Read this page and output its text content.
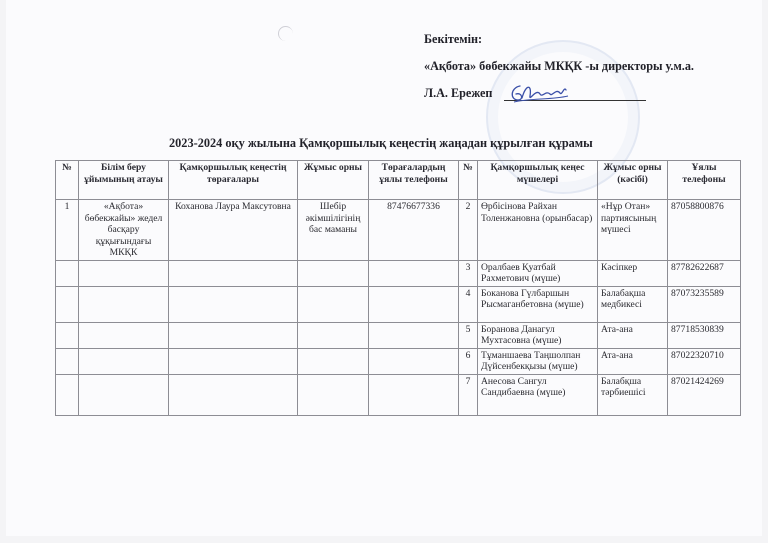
Бекітемін:
«Ақбота» бөбекжайы МКҚК -ы директоры у.м.а.
Л.А. Ережеп
2023-2024 оқу жылына Қамқоршылық кеңестің жаңадан құрылған құрамы
№	Білім беру ұйымының атауы	Қамқоршылық кеңестің төрағалары	Жұмыс орны	Төрағалардың ұялы телефоны	№	Қамқоршылық кеңес мүшелері	Жұмыс орны (кәсібі)	Ұялы телефоны
1	«Ақбота» бөбекжайы» жедел басқару құқығындағы МКҚК	Коханова Лаура Максутовна	Шебір әкімшілігінің бас маманы	87476677336	2	Өрбісінова Райхан Толенжановна (орынбасар)	«Нұр Отан» партиясының мүшесі	87058800876
					3	Оралбаев Қуатбай Рахметович (мүше)	Кәсіпкер	87782622687
					4	Боканова Гүлбаршын Рысмаганбетовна (мүше)	Балабақша медбикесі	87073235589
					5	Боранова Данагул Мухтасовна (мүше)	Ата-ана	87718530839
					6	Тұманшаева Таңшолпан Дүйсенбекқызы (мүше)	Ата-ана	87022320710
					7	Анесова Сангул Сандибаевна (мүше)	Балабқша тәрбиешісі	87021424269
